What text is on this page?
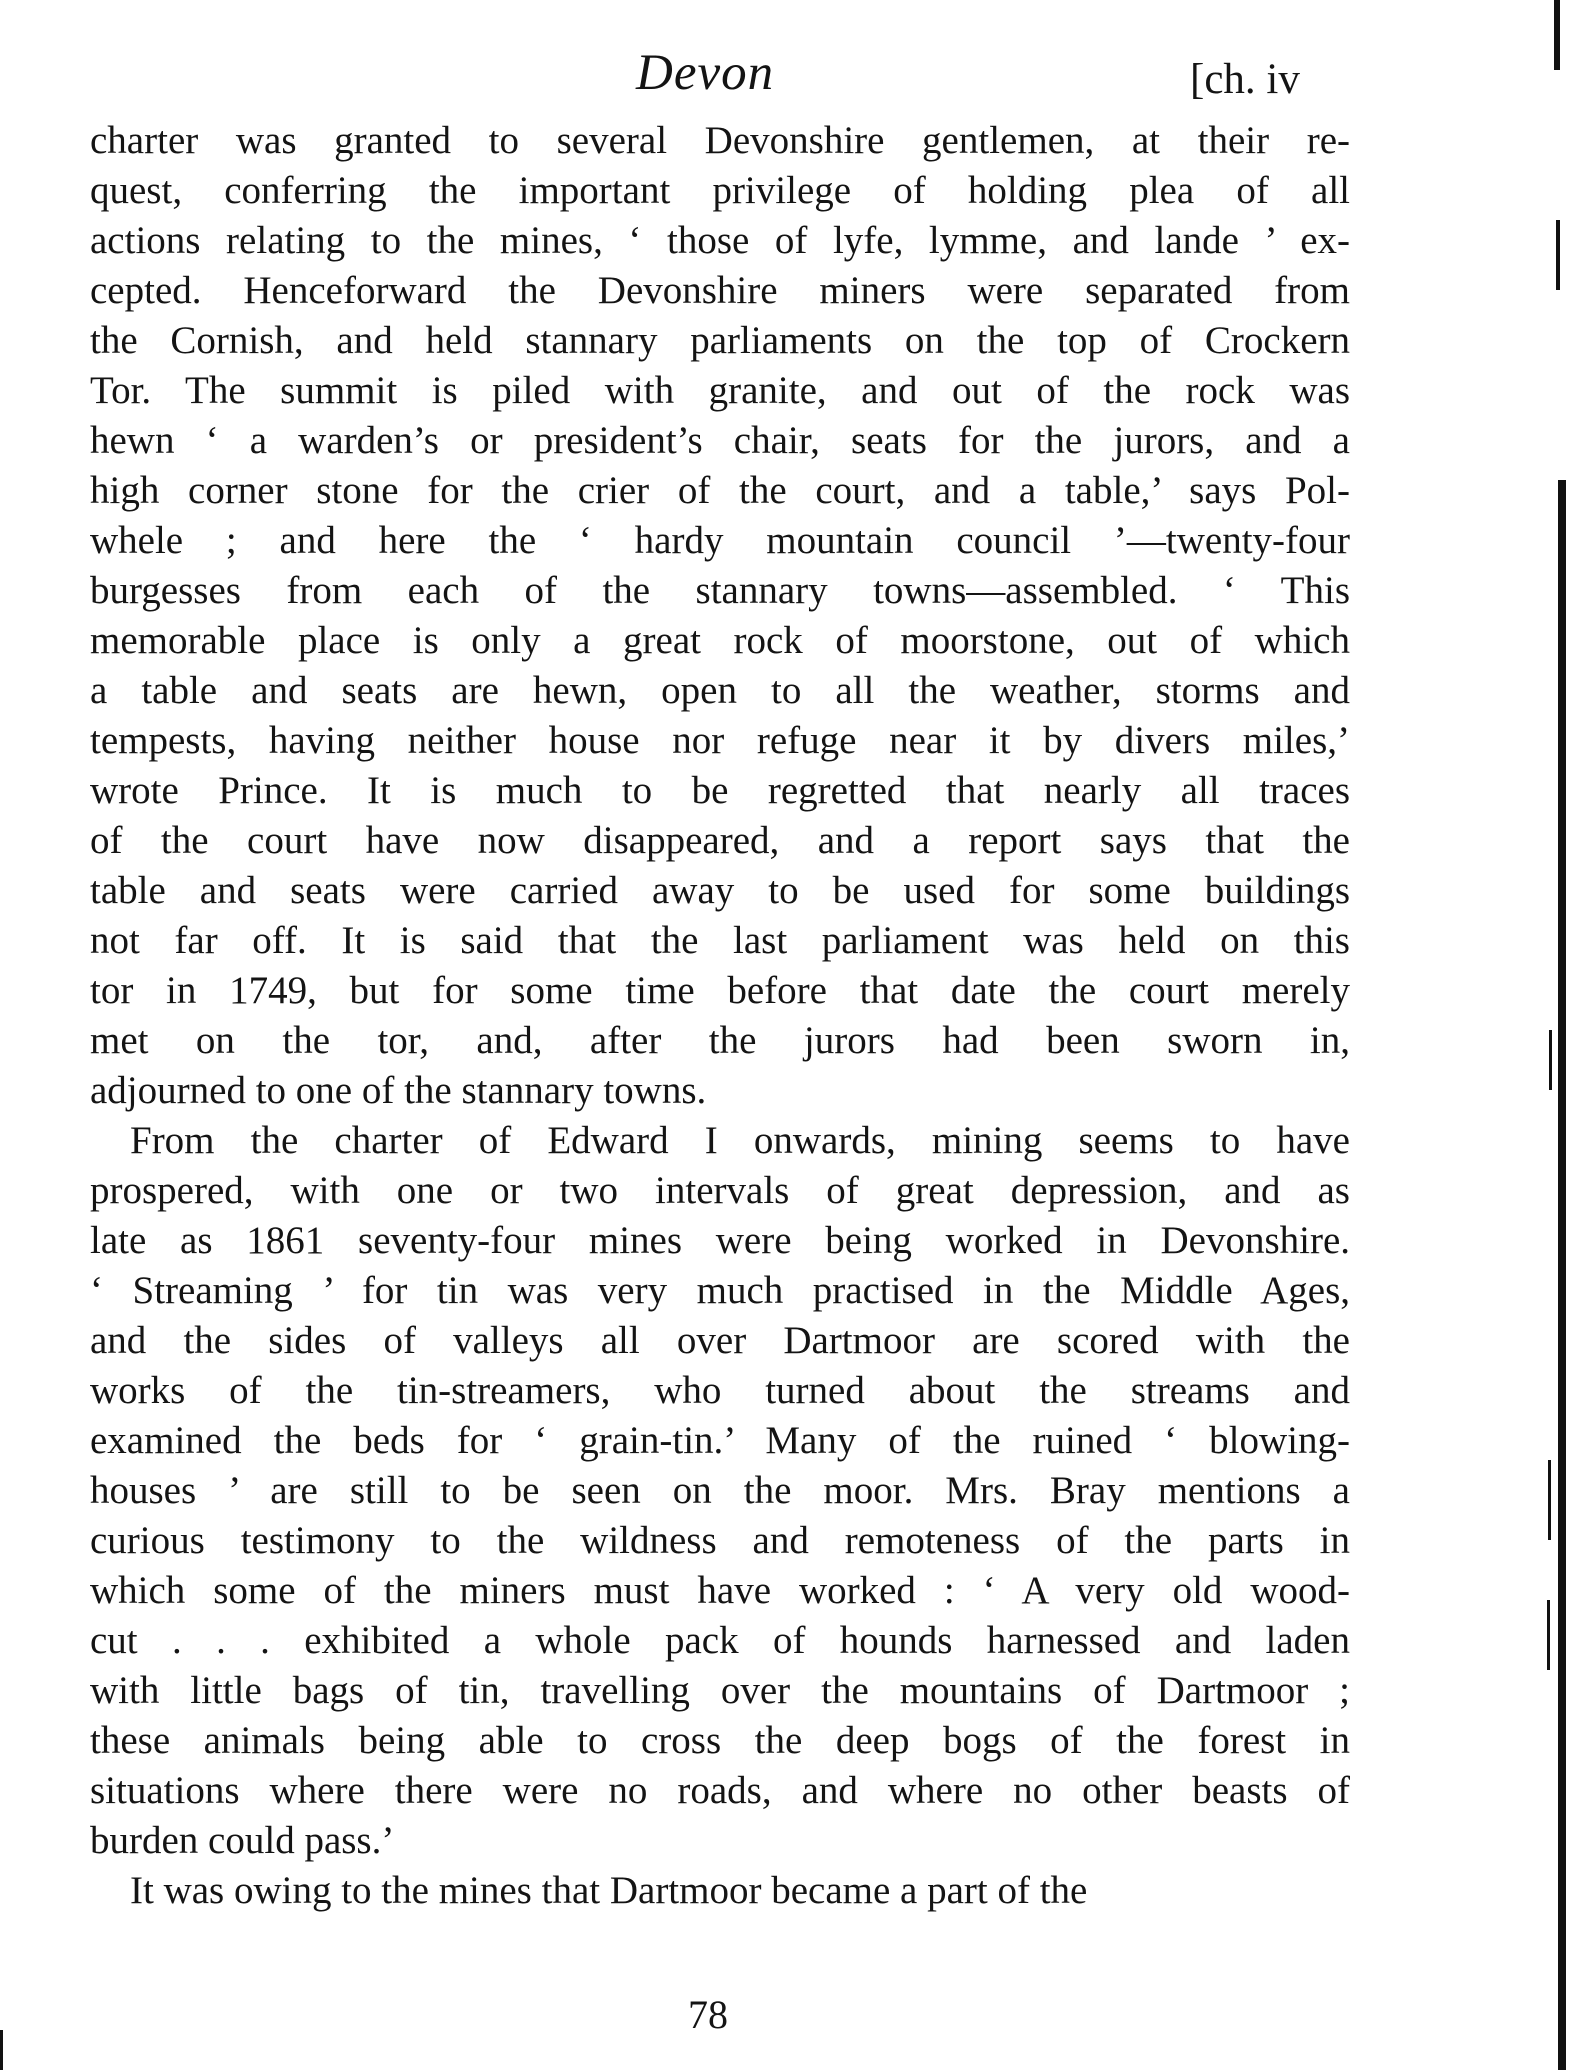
Devon	[ch. iv
charter was granted to several Devonshire gentlemen, at their re-
quest, conferring the important privilege of holding plea of all
actions relating to the mines, ‘ those of lyfe, lymme, and lande ’ ex-
cepted. Henceforward the Devonshire miners were separated from
the Cornish, and held stannary parliaments on the top of Crockern
Tor. The summit is piled with granite, and out of the rock was
hewn ‘ a warden’s or president’s chair, seats for the jurors, and a
high corner stone for the crier of the court, and a table,’ says Pol-
whele ; and here the ‘ hardy mountain council ’—twenty-four
burgesses from each of the stannary towns—assembled. ‘ This
memorable place is only a great rock of moorstone, out of which
a table and seats are hewn, open to all the weather, storms and
tempests, having neither house nor refuge near it by divers miles,’
wrote Prince. It is much to be regretted that nearly all traces
of the court have now disappeared, and a report says that the
table and seats were carried away to be used for some buildings
not far off. It is said that the last parliament was held on this
tor in 1749, but for some time before that date the court merely
met on the tor, and, after the jurors had been sworn in,
adjourned to one of the stannary towns.
From the charter of Edward I onwards, mining seems to have
prospered, with one or two intervals of great depression, and as
late as 1861 seventy-four mines were being worked in Devonshire.
‘ Streaming ’ for tin was very much practised in the Middle Ages,
and the sides of valleys all over Dartmoor are scored with the
works of the tin-streamers, who turned about the streams and
examined the beds for ‘ grain-tin.’ Many of the ruined ‘ blowing-
houses ’ are still to be seen on the moor. Mrs. Bray mentions a
curious testimony to the wildness and remoteness of the parts in
which some of the miners must have worked : ‘ A very old wood-
cut . . . exhibited a whole pack of hounds harnessed and laden
with little bags of tin, travelling over the mountains of Dartmoor ;
these animals being able to cross the deep bogs of the forest in
situations where there were no roads, and where no other beasts of
burden could pass.’
It was owing to the mines that Dartmoor became a part of the
78
